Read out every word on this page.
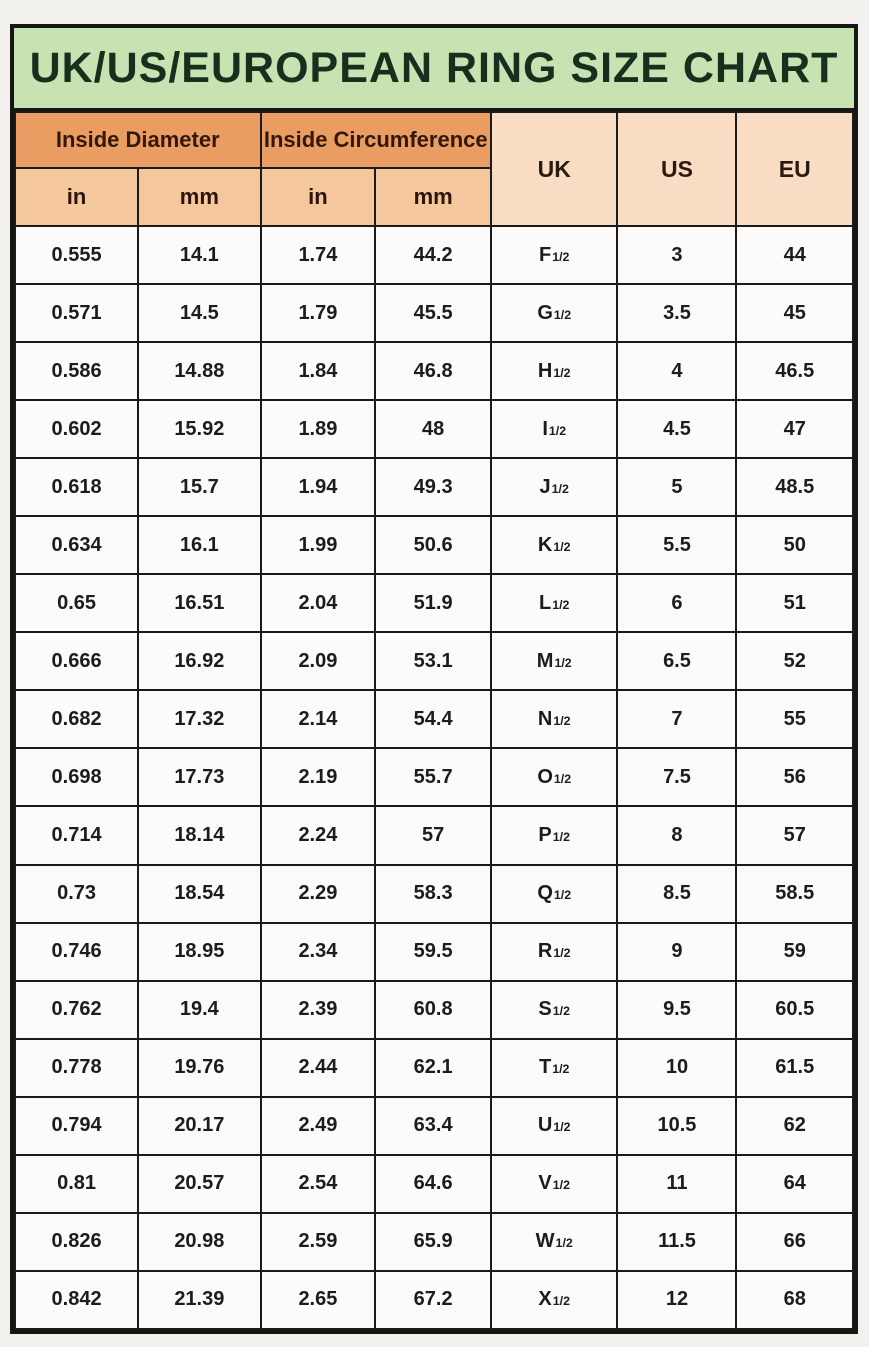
UK/US/EUROPEAN RING SIZE CHART
Inside Diameter		Inside Circumference		UK	US	EU
in	mm	in	mm			
0.555	14.1	1.74	44.2	F1/2	3	44
0.571	14.5	1.79	45.5	G1/2	3.5	45
0.586	14.88	1.84	46.8	H1/2	4	46.5
0.602	15.92	1.89	48	I1/2	4.5	47
0.618	15.7	1.94	49.3	J1/2	5	48.5
0.634	16.1	1.99	50.6	K1/2	5.5	50
0.65	16.51	2.04	51.9	L1/2	6	51
0.666	16.92	2.09	53.1	M1/2	6.5	52
0.682	17.32	2.14	54.4	N1/2	7	55
0.698	17.73	2.19	55.7	O1/2	7.5	56
0.714	18.14	2.24	57	P1/2	8	57
0.73	18.54	2.29	58.3	Q1/2	8.5	58.5
0.746	18.95	2.34	59.5	R1/2	9	59
0.762	19.4	2.39	60.8	S1/2	9.5	60.5
0.778	19.76	2.44	62.1	T1/2	10	61.5
0.794	20.17	2.49	63.4	U1/2	10.5	62
0.81	20.57	2.54	64.6	V1/2	11	64
0.826	20.98	2.59	65.9	W1/2	11.5	66
0.842	21.39	2.65	67.2	X1/2	12	68
